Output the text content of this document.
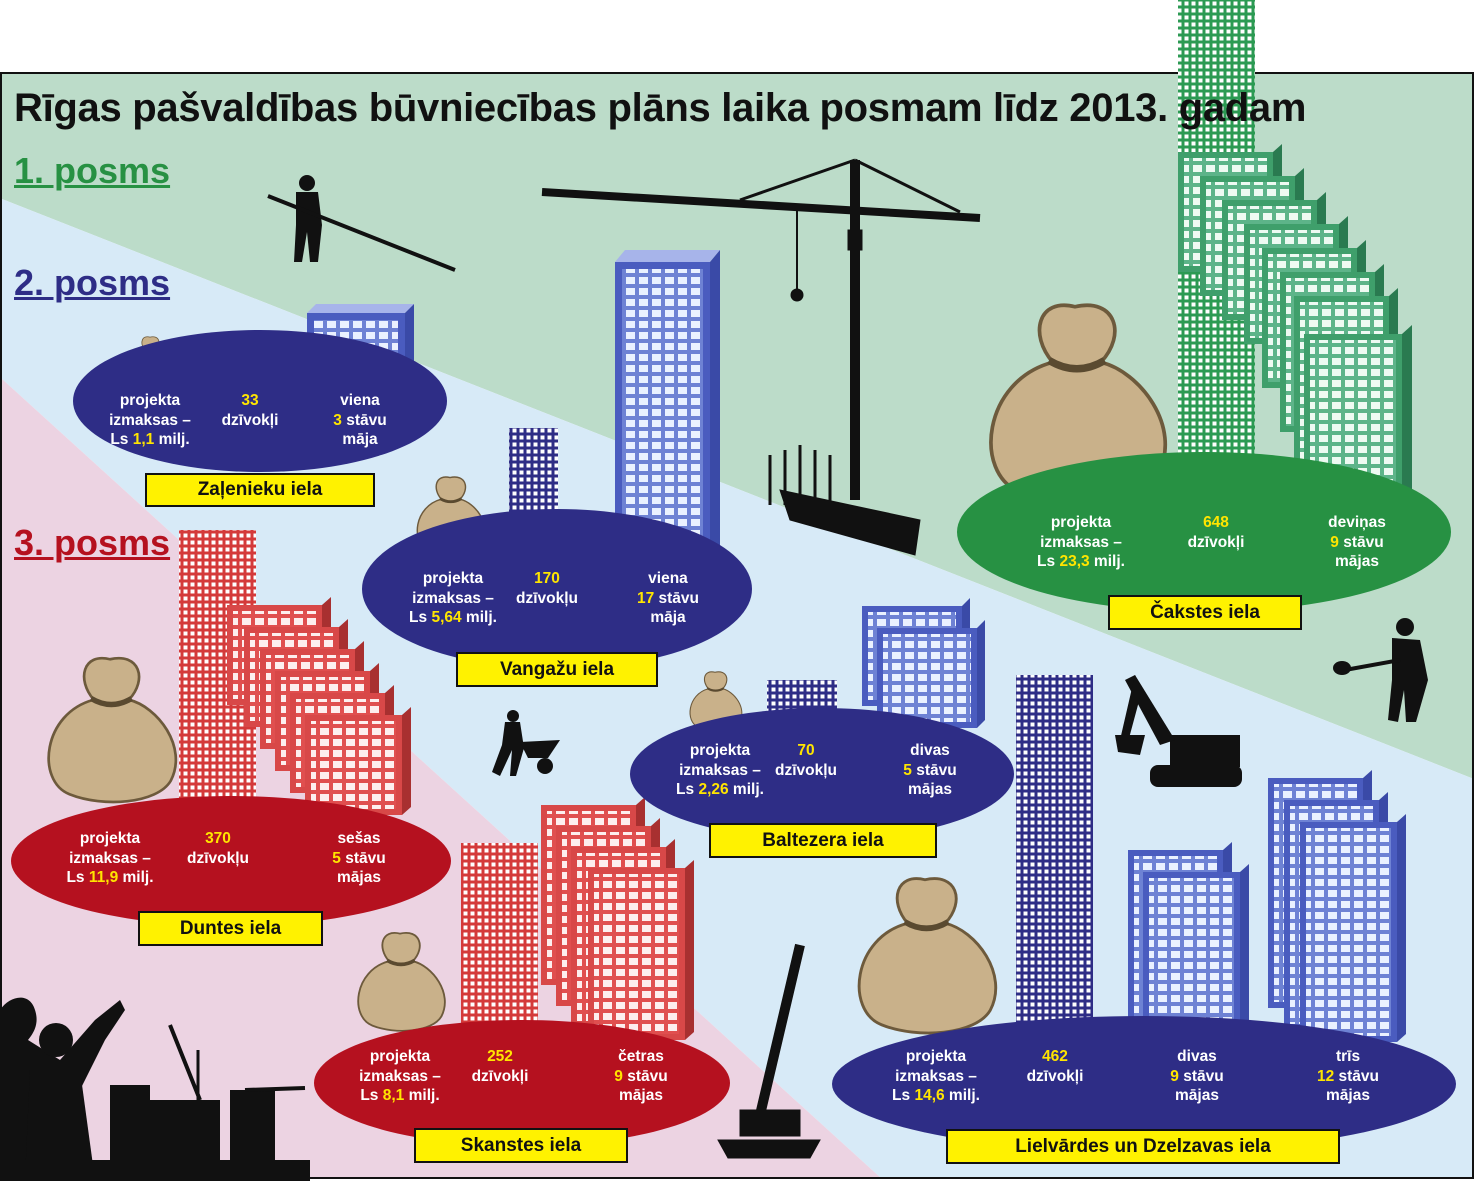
Rīgas pašvaldības būvniecības plāns laika posmam līdz 2013. gadam
1. posms
2. posms
3. posms
projekta
izmaksas –
Ls 1,1 milj.
33
dzīvokļi
viena
3 stāvu
māja
Zaļenieku iela
projekta
izmaksas –
Ls 5,64 milj.
170
dzīvokļu
viena
17 stāvu
māja
Vangažu iela
projekta
izmaksas –
Ls 23,3 milj.
648
dzīvokļi
deviņas
9 stāvu
mājas
Čakstes iela
projekta
izmaksas –
Ls 2,26 milj.
70
dzīvokļu
divas
5 stāvu
mājas
Baltezera iela
projekta
izmaksas –
Ls 11,9 milj.
370
dzīvokļu
sešas
5 stāvu
mājas
Duntes iela
projekta
izmaksas –
Ls 8,1 milj.
252
dzīvokļi
četras
9 stāvu
mājas
Skanstes iela
projekta
izmaksas –
Ls 14,6 milj.
462
dzīvokļi
divas
9 stāvu
mājas
trīs
12 stāvu
mājas
Lielvārdes un Dzelzavas iela
